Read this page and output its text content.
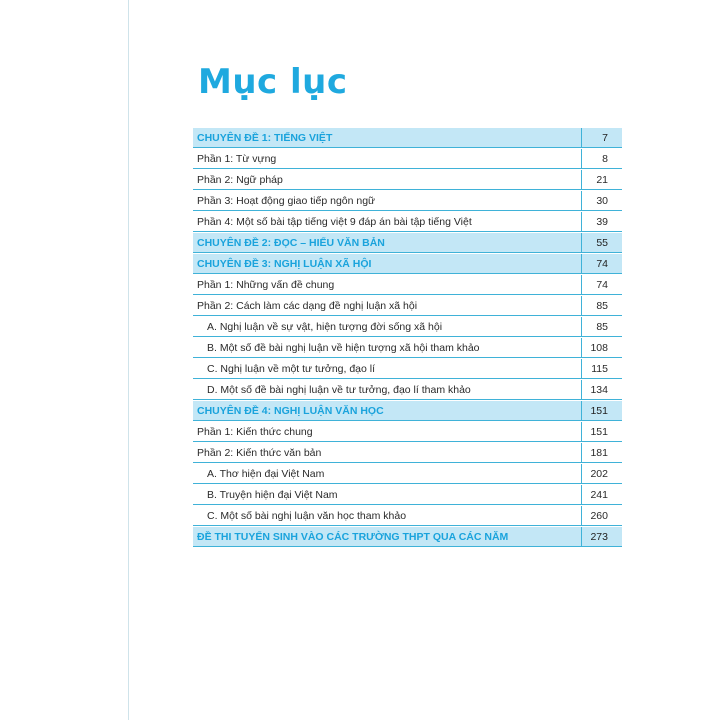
Mục lục
CHUYÊN ĐỀ 1: TIẾNG VIỆT	7
Phần 1: Từ vựng	8
Phần 2: Ngữ pháp	21
Phần 3: Hoạt động giao tiếp ngôn ngữ	30
Phần 4: Một số bài tập tiếng việt 9 đáp án bài tập tiếng Việt	39
CHUYÊN ĐỀ 2: ĐỌC – HIỂU VĂN BẢN	55
CHUYÊN ĐỀ 3: NGHỊ LUẬN XÃ HỘI	74
Phần 1: Những vấn đề chung	74
Phần 2: Cách làm các dạng đề nghị luận xã hội	85
A. Nghị luận về sự vật, hiện tượng đời sống xã hội	85
B. Một số đề bài nghị luận về hiện tượng xã hội tham khảo	108
C. Nghị luận về một tư tưởng, đạo lí	115
D. Một số đề bài nghị luận về tư tưởng, đạo lí tham khảo	134
CHUYÊN ĐỀ 4: NGHỊ LUẬN VĂN HỌC	151
Phần 1: Kiến thức chung	151
Phần 2: Kiến thức văn bản	181
A. Thơ hiện đại Việt Nam	202
B. Truyện hiện đại Việt Nam	241
C. Một số bài nghị luận văn học tham khảo	260
ĐỀ THI TUYỂN SINH VÀO CÁC TRƯỜNG THPT QUA CÁC NĂM	273
